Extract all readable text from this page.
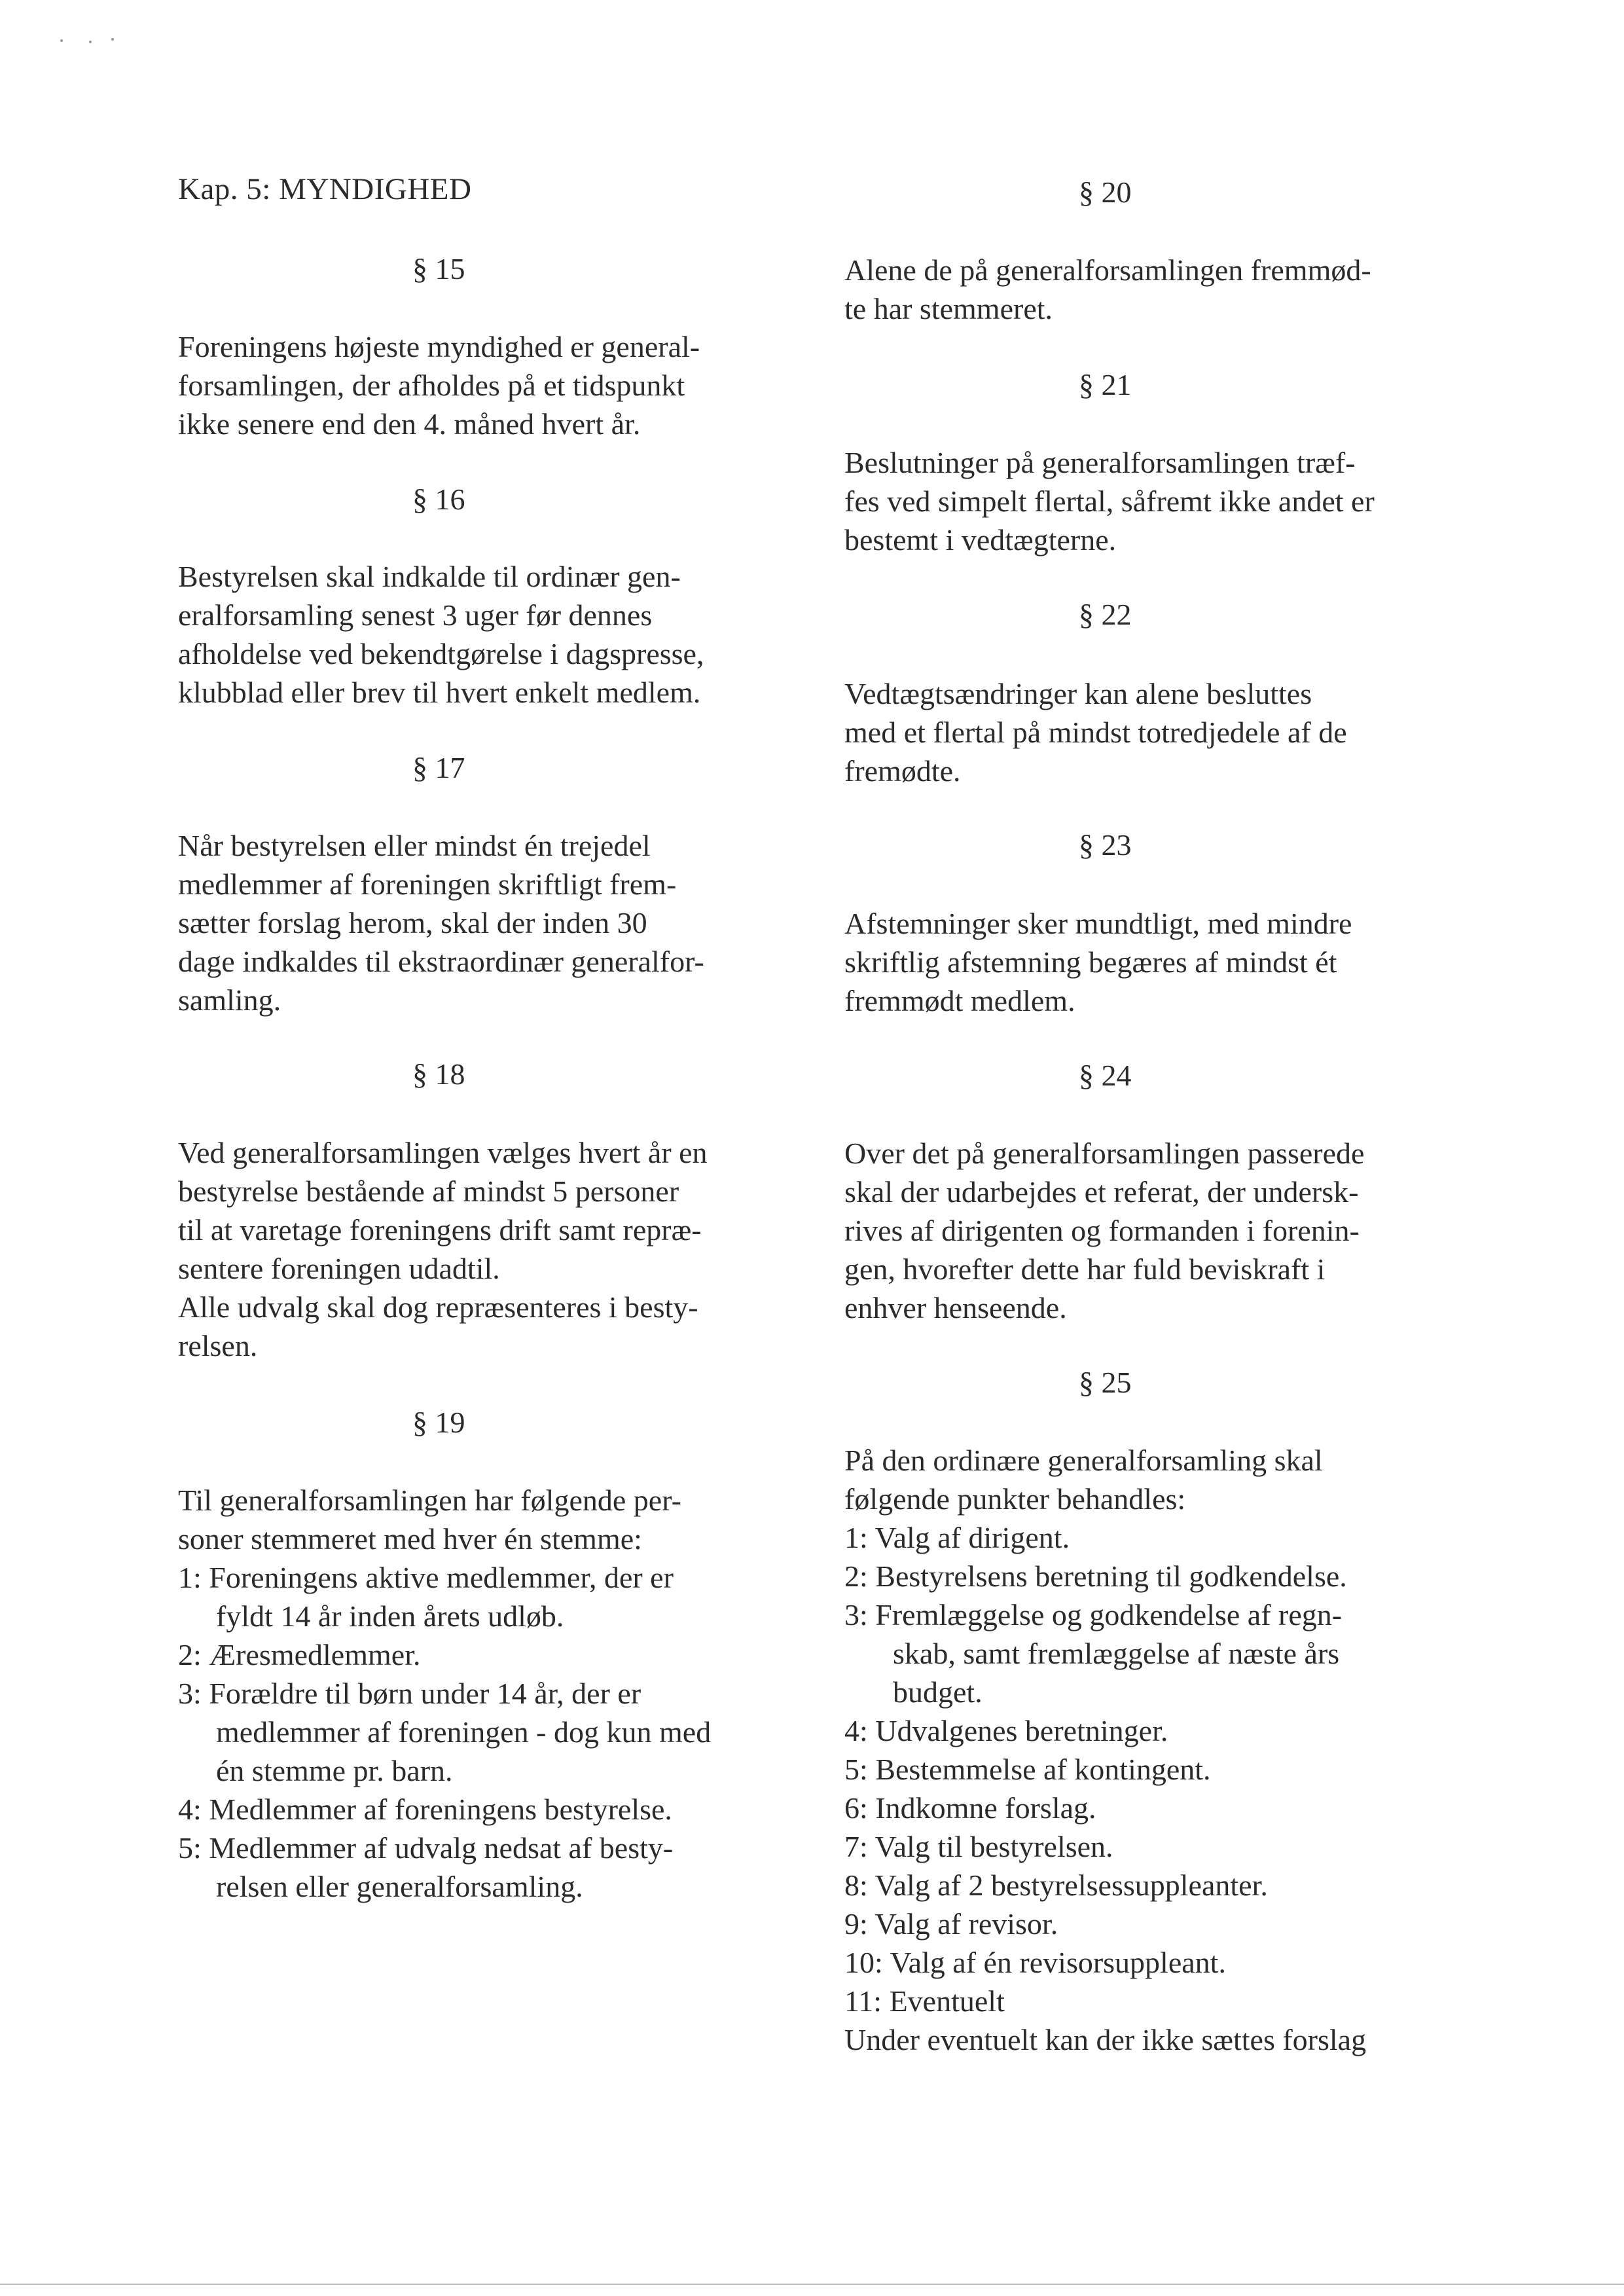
Kap. 5: MYNDIGHED
§ 15
Foreningens højeste myndighed er general-
forsamlingen, der afholdes på et tidspunkt
ikke senere end den 4. måned hvert år.
§ 16
Bestyrelsen skal indkalde til ordinær gen-
eralforsamling senest 3 uger før dennes
afholdelse ved bekendtgørelse i dagspresse,
klubblad eller brev til hvert enkelt medlem.
§ 17
Når bestyrelsen eller mindst én trejedel
medlemmer af foreningen skriftligt frem-
sætter forslag herom, skal der inden 30
dage indkaldes til ekstraordinær generalfor-
samling.
§ 18
Ved generalforsamlingen vælges hvert år en
bestyrelse bestående af mindst 5 personer
til at varetage foreningens drift samt repræ-
sentere foreningen udadtil.
Alle udvalg skal dog repræsenteres i besty-
relsen.
§ 19
Til generalforsamlingen har følgende per-
soner stemmeret med hver én stemme:
1: Foreningens aktive medlemmer, der er
fyldt 14 år inden årets udløb.
2: Æresmedlemmer.
3: Forældre til børn under 14 år, der er
medlemmer af foreningen - dog kun med
én stemme pr. barn.
4: Medlemmer af foreningens bestyrelse.
5: Medlemmer af udvalg nedsat af besty-
relsen eller generalforsamling.
§ 20
Alene de på generalforsamlingen fremmød-
te har stemmeret.
§ 21
Beslutninger på generalforsamlingen træf-
fes ved simpelt flertal, såfremt ikke andet er
bestemt i vedtægterne.
§ 22
Vedtægtsændringer kan alene besluttes
med et flertal på mindst totredjedele af de
fremødte.
§ 23
Afstemninger sker mundtligt, med mindre
skriftlig afstemning begæres af mindst ét
fremmødt medlem.
§ 24
Over det på generalforsamlingen passerede
skal der udarbejdes et referat, der undersk-
rives af dirigenten og formanden i forenin-
gen, hvorefter dette har fuld beviskraft i
enhver henseende.
§ 25
På den ordinære generalforsamling skal
følgende punkter behandles:
1: Valg af dirigent.
2: Bestyrelsens beretning til godkendelse.
3: Fremlæggelse og godkendelse af regn-
skab, samt fremlæggelse af næste års
budget.
4: Udvalgenes beretninger.
5: Bestemmelse af kontingent.
6: Indkomne forslag.
7: Valg til bestyrelsen.
8: Valg af 2 bestyrelsessuppleanter.
9: Valg af revisor.
10: Valg af én revisorsuppleant.
11: Eventuelt
Under eventuelt kan der ikke sættes forslag
